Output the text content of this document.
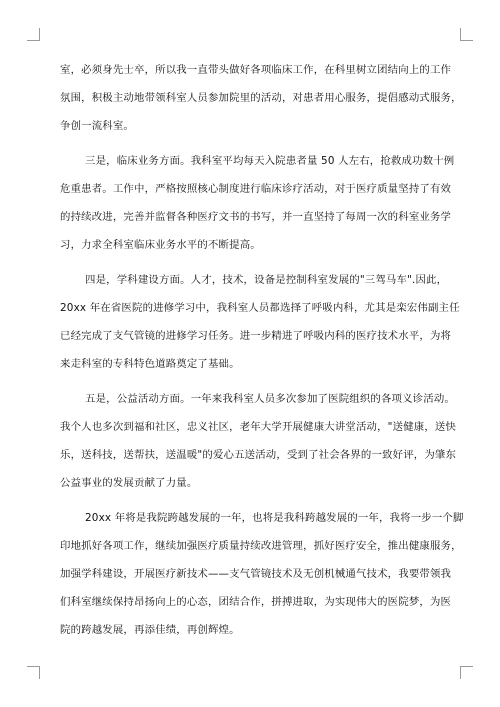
室，必须身先士卒，所以我一直带头做好各项临床工作，在科里树立团结向上的工作
氛围，积极主动地带领科室人员参加院里的活动，对患者用心服务，提倡感动式服务，
争创一流科室。
三是，临床业务方面。我科室平均每天入院患者量 50 人左右，抢救成功数十例
危重患者。工作中，严格按照核心制度进行临床诊疗活动，对于医疗质量坚持了有效
的持续改进，完善并监督各种医疗文书的书写，并一直坚持了每周一次的科室业务学
习，力求全科室临床业务水平的不断提高。
四是，学科建设方面。人才，技术，设备是控制科室发展的"三驾马车".因此，
20xx 年在省医院的进修学习中，我科室人员都选择了呼吸内科，尤其是栾宏伟副主任
已经完成了支气管镜的进修学习任务。进一步精进了呼吸内科的医疗技术水平，为将
来走科室的专科特色道路奠定了基础。
五是，公益活动方面。一年来我科室人员多次参加了医院组织的各项义诊活动。
我个人也多次到福和社区，忠义社区，老年大学开展健康大讲堂活动，"送健康，送快
乐，送科技，送帮扶，送温暖"的爱心五送活动，受到了社会各界的一致好评，为肇东
公益事业的发展贡献了力量。
20xx 年将是我院跨越发展的一年，也将是我科跨越发展的一年，我将一步一个脚
印地抓好各项工作，继续加强医疗质量持续改进管理，抓好医疗安全，推出健康服务，
加强学科建设，开展医疗新技术——支气管镜技术及无创机械通气技术，我要带领我
们科室继续保持昂扬向上的心态，团结合作，拼搏进取，为实现伟大的医院梦，为医
院的跨越发展，再添佳绩，再创辉煌。
